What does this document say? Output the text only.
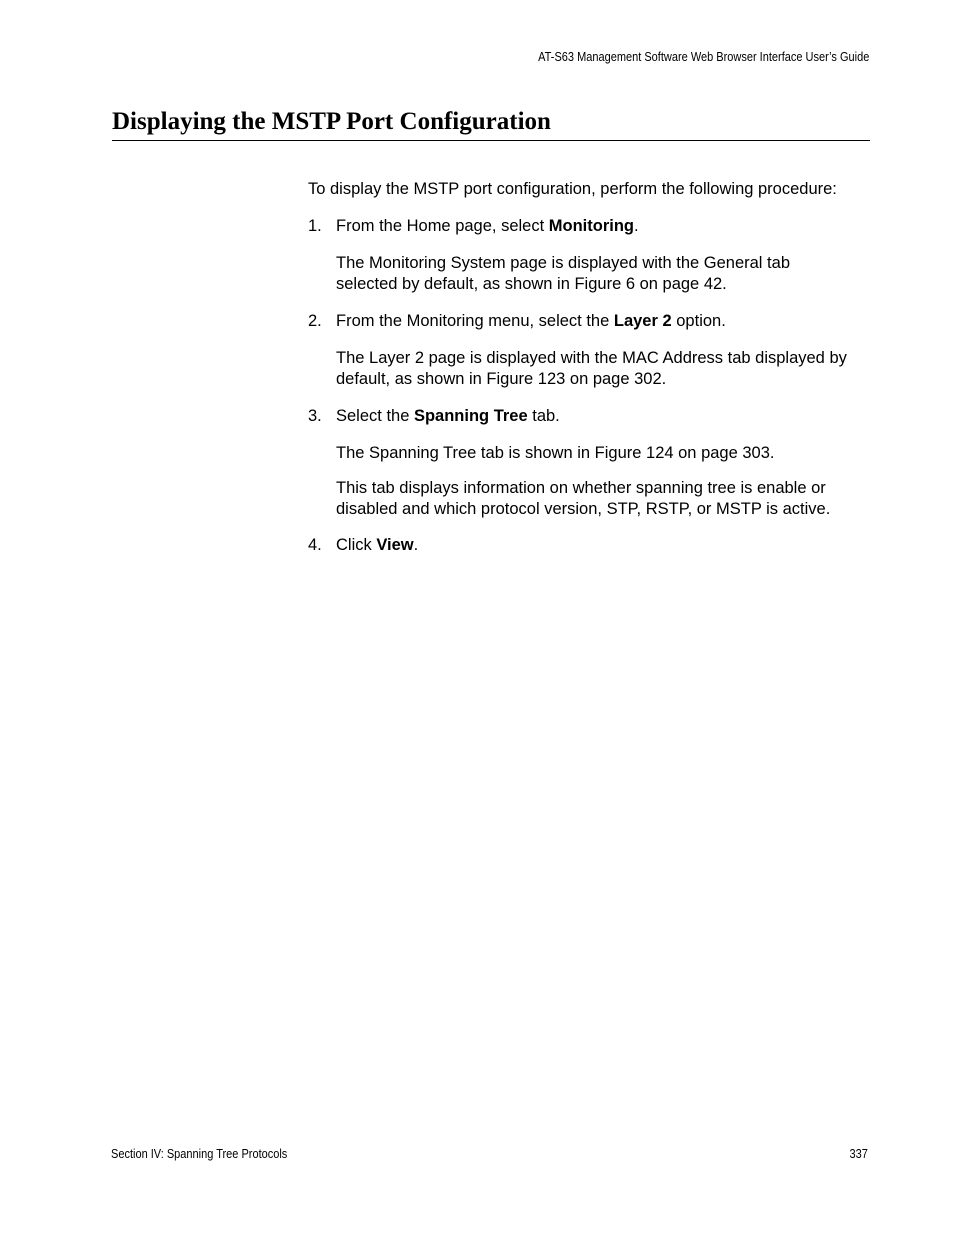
AT-S63 Management Software Web Browser Interface User’s Guide
Displaying the MSTP Port Configuration
To display the MSTP port configuration, perform the following procedure:
1. From the Home page, select Monitoring.
The Monitoring System page is displayed with the General tab
selected by default, as shown in Figure 6 on page 42.
2. From the Monitoring menu, select the Layer 2 option.
The Layer 2 page is displayed with the MAC Address tab displayed by
default, as shown in Figure 123 on page 302.
3. Select the Spanning Tree tab.
The Spanning Tree tab is shown in Figure 124 on page 303.
This tab displays information on whether spanning tree is enable or
disabled and which protocol version, STP, RSTP, or MSTP is active.
4. Click View.
Section IV: Spanning Tree Protocols	337
